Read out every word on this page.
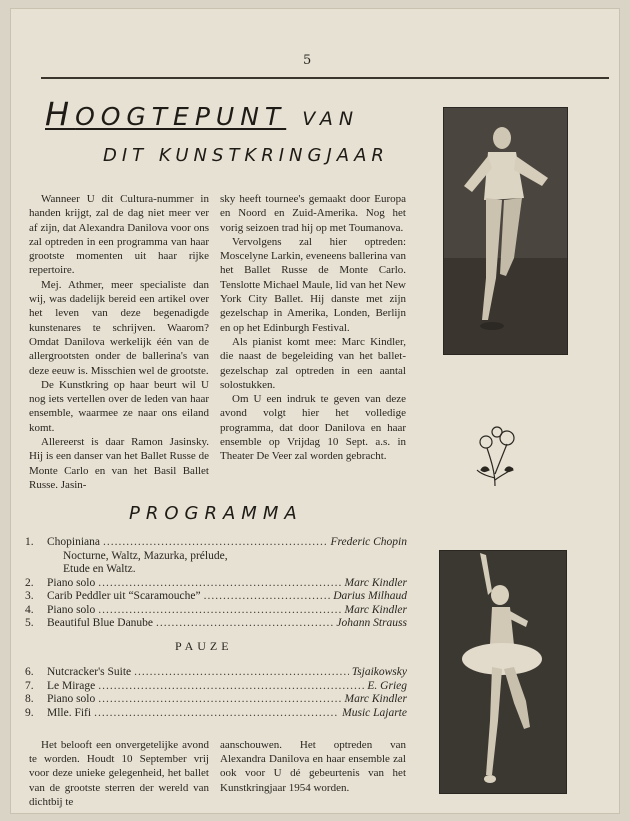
5
HOOGTEPUNT VAN
DIT KUNSTKRINGJAAR

Wanneer U dit Cultura-nummer in handen krijgt, zal de dag niet meer ver af zijn, dat Alexandra Danilova voor ons zal optreden in een programma van haar grootste momenten uit haar rijke repertoire.

Mej. Athmer, meer specialiste dan wij, was dadelijk bereid een artikel over het leven van deze begenadigde kunstenares te schrijven. Waarom? Omdat Danilova werkelijk één van de allergrootsten onder de ballerina's van deze eeuw is. Misschien wel de grootste.

De Kunstkring op haar beurt wil U nog iets vertellen over de leden van haar ensemble, waarmee ze naar ons eiland komt.

Allereerst is daar Ramon Jasinsky. Hij is een danser van het Ballet Russe de Monte Carlo en van het Basil Ballet Russe. Jasin-

sky heeft tournee's gemaakt door Europa en Noord en Zuid-Amerika. Nog het vorig seizoen trad hij op met Toumanova.

Vervolgens zal hier optreden: Moscelyne Larkin, eveneens ballerina van het Ballet Russe de Monte Carlo. Tenslotte Michael Maule, lid van het New York City Ballet. Hij danste met zijn gezelschap in Amerika, Londen, Berlijn en op het Edinburgh Festival.

Als pianist komt mee: Marc Kindler, die naast de begeleiding van het ballet-gezelschap zal optreden in een aantal solostukken.

Om U een indruk te geven van deze avond volgt hier het volledige programma, dat door Danilova en haar ensemble op Vrijdag 10 Sept. a.s. in Theater De Veer zal worden gebracht.

PROGRAMMA
1.	Chopiniana .....	Frederic Chopin
Nocturne, Waltz, Mazurka, prélude,
Etude en Waltz.
2.	Piano solo .....	Marc Kindler
3.	Carib Peddler uit “Scaramouche” .....	Darius Milhaud
4.	Piano solo .....	Marc Kindler
5.	Beautiful Blue Danube .....	Johann Strauss
PAUZE
6.	Nutcracker's Suite .....	Tsjaikowsky
7.	Le Mirage .....	E. Grieg
8.	Piano solo .....	Marc Kindler
9.	Mlle. Fifi .....	Music Lajarte

Het belooft een onvergetelijke avond te worden. Houdt 10 September vrij voor deze unieke gelegenheid, het ballet van de grootste sterren der wereld van dichtbij te

aanschouwen. Het optreden van Alexandra Danilova en haar ensemble zal ook voor U dé gebeurtenis van het Kunstkringjaar 1954 worden.
